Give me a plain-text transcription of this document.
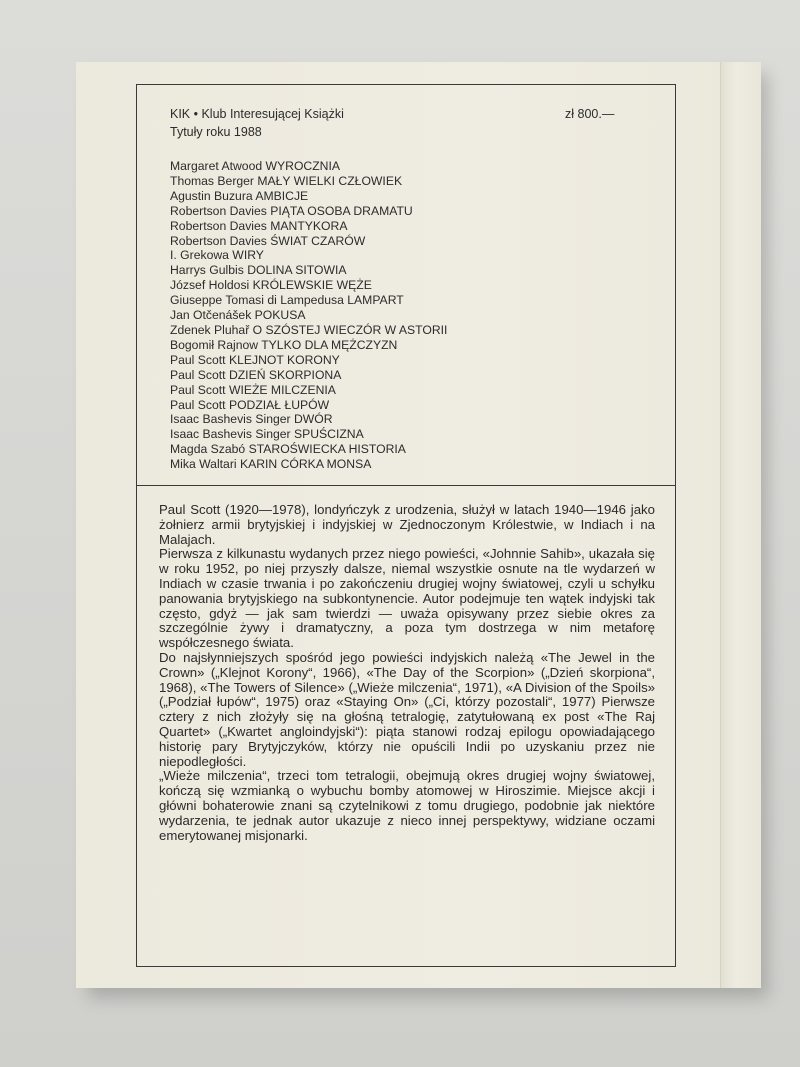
KIK • Klub Interesującej Książki
Tytuły roku 1988
zł 800.—
Margaret Atwood WYROCZNIA
Thomas Berger MAŁY WIELKI CZŁOWIEK
Agustin Buzura AMBICJE
Robertson Davies PIĄTA OSOBA DRAMATU
Robertson Davies MANTYKORA
Robertson Davies ŚWIAT CZARÓW
I. Grekowa WIRY
Harrys Gulbis DOLINA SITOWIA
József Holdosi KRÓLEWSKIE WĘŻE
Giuseppe Tomasi di Lampedusa LAMPART
Jan Otčenášek POKUSA
Zdenek Pluhař O SZÓSTEJ WIECZÓR W ASTORII
Bogomił Rajnow TYLKO DLA MĘŻCZYZN
Paul Scott KLEJNOT KORONY
Paul Scott DZIEŃ SKORPIONA
Paul Scott WIEŻE MILCZENIA
Paul Scott PODZIAŁ ŁUPÓW
Isaac Bashevis Singer DWÓR
Isaac Bashevis Singer SPUŚCIZNA
Magda Szabó STAROŚWIECKA HISTORIA
Mika Waltari KARIN CÓRKA MONSA

Paul Scott (1920—1978), londyńczyk z urodzenia, służył w latach 1940—1946 jako żołnierz armii brytyjskiej i indyjskiej w Zjednoczonym Królestwie, w Indiach i na Malajach.

Pierwsza z kilkunastu wydanych przez niego powieści, «Johnnie Sahib», ukazała się w roku 1952, po niej przyszły dalsze, niemal wszystkie osnute na tle wydarzeń w Indiach w czasie trwania i po zakończeniu drugiej wojny światowej, czyli u schyłku panowania brytyjskiego na subkontynencie. Autor podejmuje ten wątek indyjski tak często, gdyż — jak sam twierdzi — uważa opisywany przez siebie okres za szczególnie żywy i dramatyczny, a poza tym dostrzega w nim metaforę współczesnego świata.

Do najsłynniejszych spośród jego powieści indyjskich należą «The Jewel in the Crown» („Klejnot Korony“, 1966), «The Day of the Scorpion» („Dzień skorpiona“, 1968), «The Towers of Silence» („Wieże milczenia“, 1971), «A Division of the Spoils» („Podział łupów“, 1975) oraz «Staying On» („Ci, którzy pozostali“, 1977) Pierwsze cztery z nich złożyły się na głośną tetralogię, zatytułowaną ex post «The Raj Quartet» („Kwartet angloindyjski“): piąta stanowi rodzaj epilogu opowiadającego historię pary Brytyjczyków, którzy nie opuścili Indii po uzyskaniu przez nie niepodległości.

„Wieże milczenia“, trzeci tom tetralogii, obejmują okres drugiej wojny światowej, kończą się wzmianką o wybuchu bomby atomowej w Hiroszimie. Miejsce akcji i główni bohaterowie znani są czytelnikowi z tomu drugiego, podobnie jak niektóre wydarzenia, te jednak autor ukazuje z nieco innej perspektywy, widziane oczami emerytowanej misjonarki.
